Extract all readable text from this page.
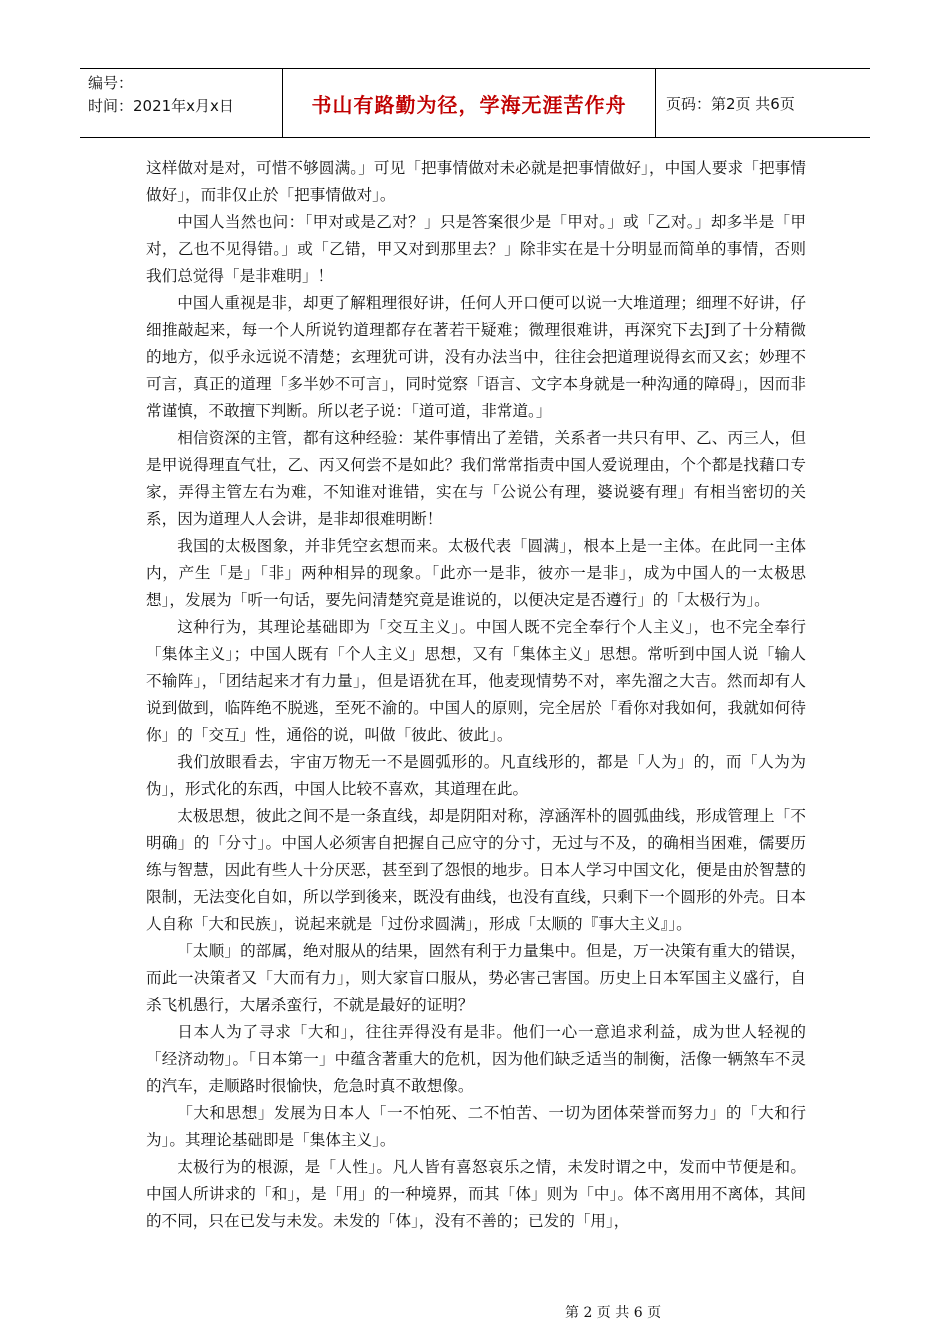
编号：
时间：2021年x月x日	书山有路勤为径，学海无涯苦作舟	页码：第2页 共6页

这样做对是对，可惜不够圆满。」可见「把事情做对未必就是把事情做好」，中国人要求「把事情做好」，而非仅止於「把事情做对」。

中国人当然也问：「甲对或是乙对？」只是答案很少是「甲对。」或「乙对。」却多半是「甲对，乙也不见得错。」或「乙错，甲又对到那里去？」除非实在是十分明显而简单的事情，否则我们总觉得「是非难明」！

中国人重视是非，却更了解粗理很好讲，任何人开口便可以说一大堆道理；细理不好讲，仔细推敲起来，每一个人所说钓道理都存在著若干疑难；微理很难讲，再深究下去J到了十分精微的地方，似乎永远说不清楚；玄理犹可讲，没有办法当中，往往会把道理说得玄而又玄；妙理不可言，真正的道理「多半妙不可言」，同时觉察「语言、文字本身就是一种沟通的障碍」，因而非常谨慎，不敢擅下判断。所以老子说：「道可道，非常道。」

相信资深的主管，都有这种经验：某件事情出了差错，关系者一共只有甲、乙、丙三人，但是甲说得理直气壮，乙、丙又何尝不是如此？我们常常指责中国人爱说理由，个个都是找藉口专家，弄得主管左右为难，不知谁对谁错，实在与「公说公有理，婆说婆有理」有相当密切的关系，因为道理人人会讲，是非却很难明断！

我国的太极图象，并非凭空玄想而来。太极代表「圆满」，根本上是一主体。在此同一主体内，产生「是」「非」两种相异的现象。「此亦一是非，彼亦一是非」，成为中国人的一太极思想」，发展为「听一句话，要先问清楚究竟是谁说的，以便决定是否遵行」的「太极行为」。

这种行为，其理论基础即为「交互主义」。中国人既不完全奉行个人主义」，也不完全奉行「集体主义」；中国人既有「个人主义」思想，又有「集体主义」思想。常听到中国人说「输人不输阵」，「团结起来才有力量」，但是语犹在耳，他麦现情势不对，率先溜之大吉。然而却有人说到做到，临阵绝不脱逃，至死不渝的。中国人的原则，完全居於「看你对我如何，我就如何待你」的「交互」性，通俗的说，叫做「彼此、彼此」。

我们放眼看去，宇宙万物无一不是圆弧形的。凡直线形的，都是「人为」的，而「人为为伪」，形式化的东西，中国人比较不喜欢，其道理在此。

太极思想，彼此之间不是一条直线，却是阴阳对称，淳涵浑朴的圆弧曲线，形成管理上「不明确」的「分寸」。中国人必须害自把握自己应守的分寸，无过与不及，的确相当困难，儒要历练与智慧，因此有些人十分厌恶，甚至到了怨恨的地步。日本人学习中国文化，便是由於智慧的限制，无法变化自如，所以学到後来，既没有曲线，也没有直线，只剩下一个圆形的外壳。日本人自称「大和民族」，说起来就是「过份求圆满」，形成「太顺的『事大主义』」。

「太顺」的部属，绝对服从的结果，固然有利于力量集中。但是，万一决策有重大的错误，而此一决策者又「大而有力」，则大家盲口服从，势必害己害国。历史上日本军国主义盛行，自杀飞机愚行，大屠杀蛮行，不就是最好的证明？

日本人为了寻求「大和」，往往弄得没有是非。他们一心一意追求利益，成为世人轻视的「经济动物」。「日本第一」中蕴含著重大的危机，因为他们缺乏适当的制衡，活像一辆煞车不灵的汽车，走顺路时很愉快，危急时真不敢想像。

「大和思想」发展为日本人「一不怕死、二不怕苦、一切为团体荣誉而努力」的「大和行为」。其理论基础即是「集体主义」。

太极行为的根源，是「人性」。凡人皆有喜怒哀乐之情，未发时谓之中，发而中节便是和。中国人所讲求的「和」，是「用」的一种境界，而其「体」则为「中」。体不离用用不离体，其间的不同，只在已发与未发。未发的「体」，没有不善的；已发的「用」，

第 2 页 共 6 页
